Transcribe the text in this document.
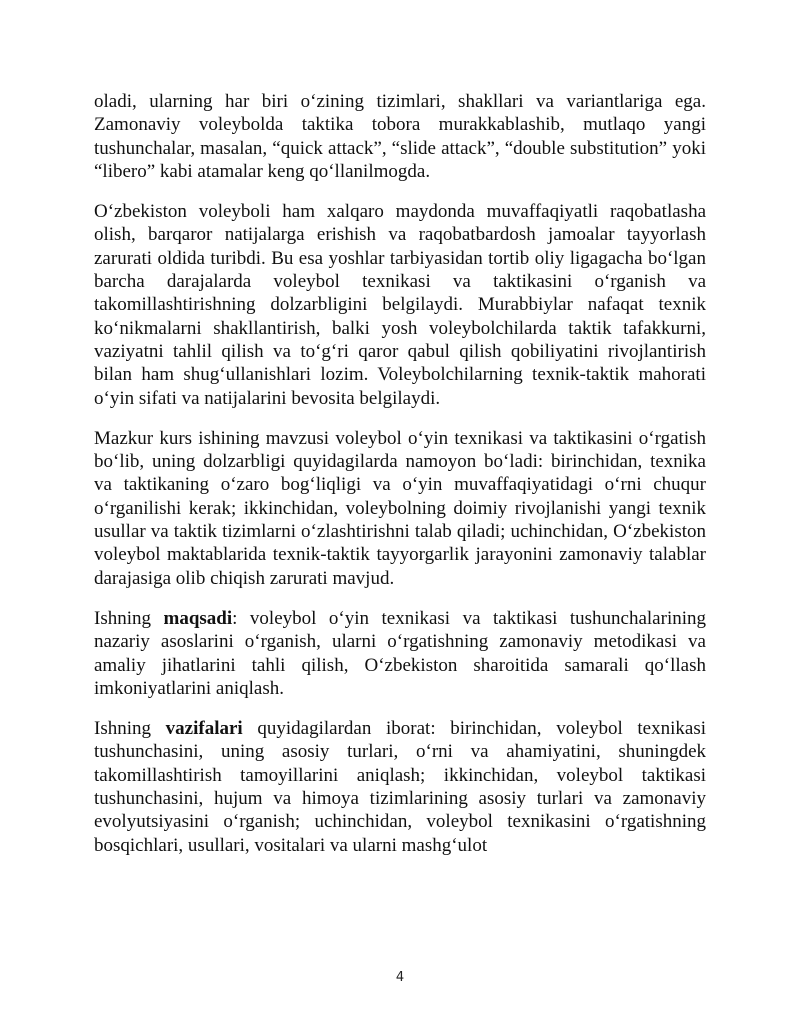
oladi, ularning har biri o‘zining tizimlari, shakllari va variantlariga ega. Zamonaviy voleybolda taktika tobora murakkablashib, mutlaqo yangi tushunchalar, masalan, “quick attack”, “slide attack”, “double substitution” yoki “libero” kabi atamalar keng qo‘llanilmogda.

O‘zbekiston voleyboli ham xalqaro maydonda muvaffaqiyatli raqobatlasha olish, barqaror natijalarga erishish va raqobatbardosh jamoalar tayyorlash zarurati oldida turibdi. Bu esa yoshlar tarbiyasidan tortib oliy ligagacha bo‘lgan barcha darajalarda voleybol texnikasi va taktikasini o‘rganish va takomillashtirishning dolzarbligini belgilaydi. Murabbiylar nafaqat texnik ko‘nikmalarni shakllantirish, balki yosh voleybolchilarda taktik tafakkurni, vaziyatni tahlil qilish va to‘g‘ri qaror qabul qilish qobiliyatini rivojlantirish bilan ham shug‘ullanishlari lozim. Voleybolchilarning texnik-taktik mahorati o‘yin sifati va natijalarini bevosita belgilaydi.

Mazkur kurs ishining mavzusi voleybol o‘yin texnikasi va taktikasini o‘rgatish bo‘lib, uning dolzarbligi quyidagilarda namoyon bo‘ladi: birinchidan, texnika va taktikaning o‘zaro bog‘liqligi va o‘yin muvaffaqiyatidagi o‘rni chuqur o‘rganilishi kerak; ikkinchidan, voleybolning doimiy rivojlanishi yangi texnik usullar va taktik tizimlarni o‘zlashtirishni talab qiladi; uchinchidan, O‘zbekiston voleybol maktablarida texnik-taktik tayyorgarlik jarayonini zamonaviy talablar darajasiga olib chiqish zarurati mavjud.

Ishning maqsadi: voleybol o‘yin texnikasi va taktikasi tushunchalarining nazariy asoslarini o‘rganish, ularni o‘rgatishning zamonaviy metodikasi va amaliy jihatlarini tahli qilish, O‘zbekiston sharoitida samarali qo‘llash imkoniyatlarini aniqlash.

Ishning vazifalari quyidagilardan iborat: birinchidan, voleybol texnikasi tushunchasini, uning asosiy turlari, o‘rni va ahamiyatini, shuningdek takomillashtirish tamoyillarini aniqlash; ikkinchidan, voleybol taktikasi tushunchasini, hujum va himoya tizimlarining asosiy turlari va zamonaviy evolyutsiyasini o‘rganish; uchinchidan, voleybol texnikasini o‘rgatishning bosqichlari, usullari, vositalari va ularni mashg‘ulot

4
